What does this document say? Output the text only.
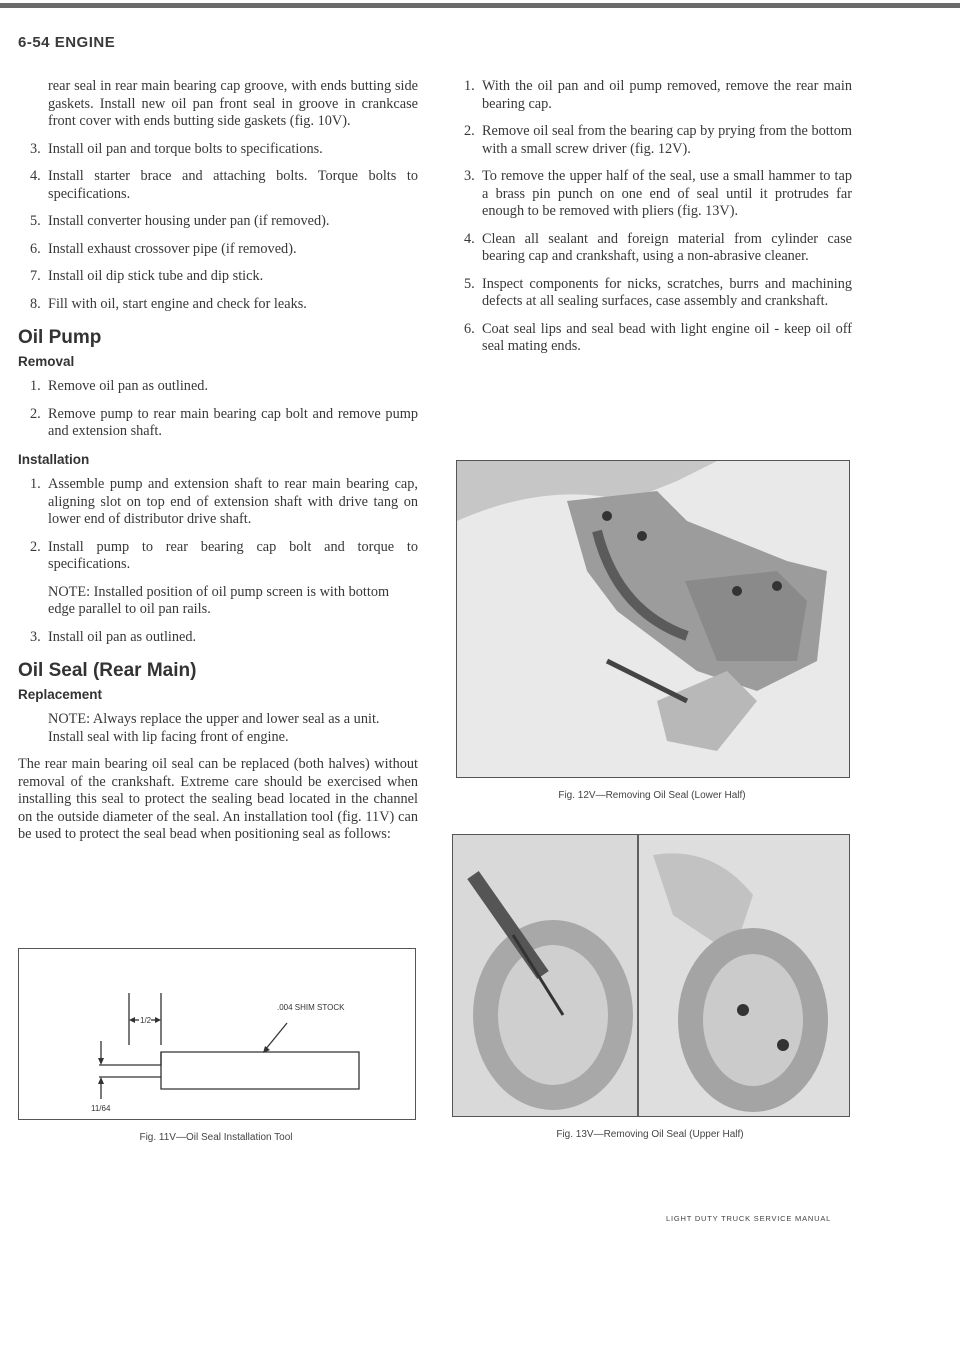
6-54 ENGINE

rear seal in rear main bearing cap groove, with ends butting side gaskets. Install new oil pan front seal in groove in crankcase front cover with ends butting side gaskets (fig. 10V).

3. Install oil pan and torque bolts to specifications.
4. Install starter brace and attaching bolts. Torque bolts to specifications.
5. Install converter housing under pan (if removed).
6. Install exhaust crossover pipe (if removed).
7. Install oil dip stick tube and dip stick.
8. Fill with oil, start engine and check for leaks.
Oil Pump
Removal
1. Remove oil pan as outlined.
2. Remove pump to rear main bearing cap bolt and remove pump and extension shaft.
Installation
1. Assemble pump and extension shaft to rear main bearing cap, aligning slot on top end of extension shaft with drive tang on lower end of distributor drive shaft.
2. Install pump to rear bearing cap bolt and torque to specifications.
NOTE: Installed position of oil pump screen is with bottom edge parallel to oil pan rails.
3. Install oil pan as outlined.
Oil Seal (Rear Main)
Replacement
NOTE: Always replace the upper and lower seal as a unit. Install seal with lip facing front of engine.

The rear main bearing oil seal can be replaced (both halves) without removal of the crankshaft. Extreme care should be exercised when installing this seal to protect the sealing bead located in the channel on the outside diameter of the seal. An installation tool (fig. 11V) can be used to protect the seal bead when positioning seal as follows:

.004 SHIM STOCK
1/2
11/64
Fig. 11V—Oil Seal Installation Tool
1. With the oil pan and oil pump removed, remove the rear main bearing cap.
2. Remove oil seal from the bearing cap by prying from the bottom with a small screw driver (fig. 12V).
3. To remove the upper half of the seal, use a small hammer to tap a brass pin punch on one end of seal until it protrudes far enough to be removed with pliers (fig. 13V).
4. Clean all sealant and foreign material from cylinder case bearing cap and crankshaft, using a non-abrasive cleaner.
5. Inspect components for nicks, scratches, burrs and machining defects at all sealing surfaces, case assembly and crankshaft.
6. Coat seal lips and seal bead with light engine oil - keep oil off seal mating ends.
Fig. 12V—Removing Oil Seal (Lower Half)
Fig. 13V—Removing Oil Seal (Upper Half)
LIGHT DUTY TRUCK SERVICE MANUAL
